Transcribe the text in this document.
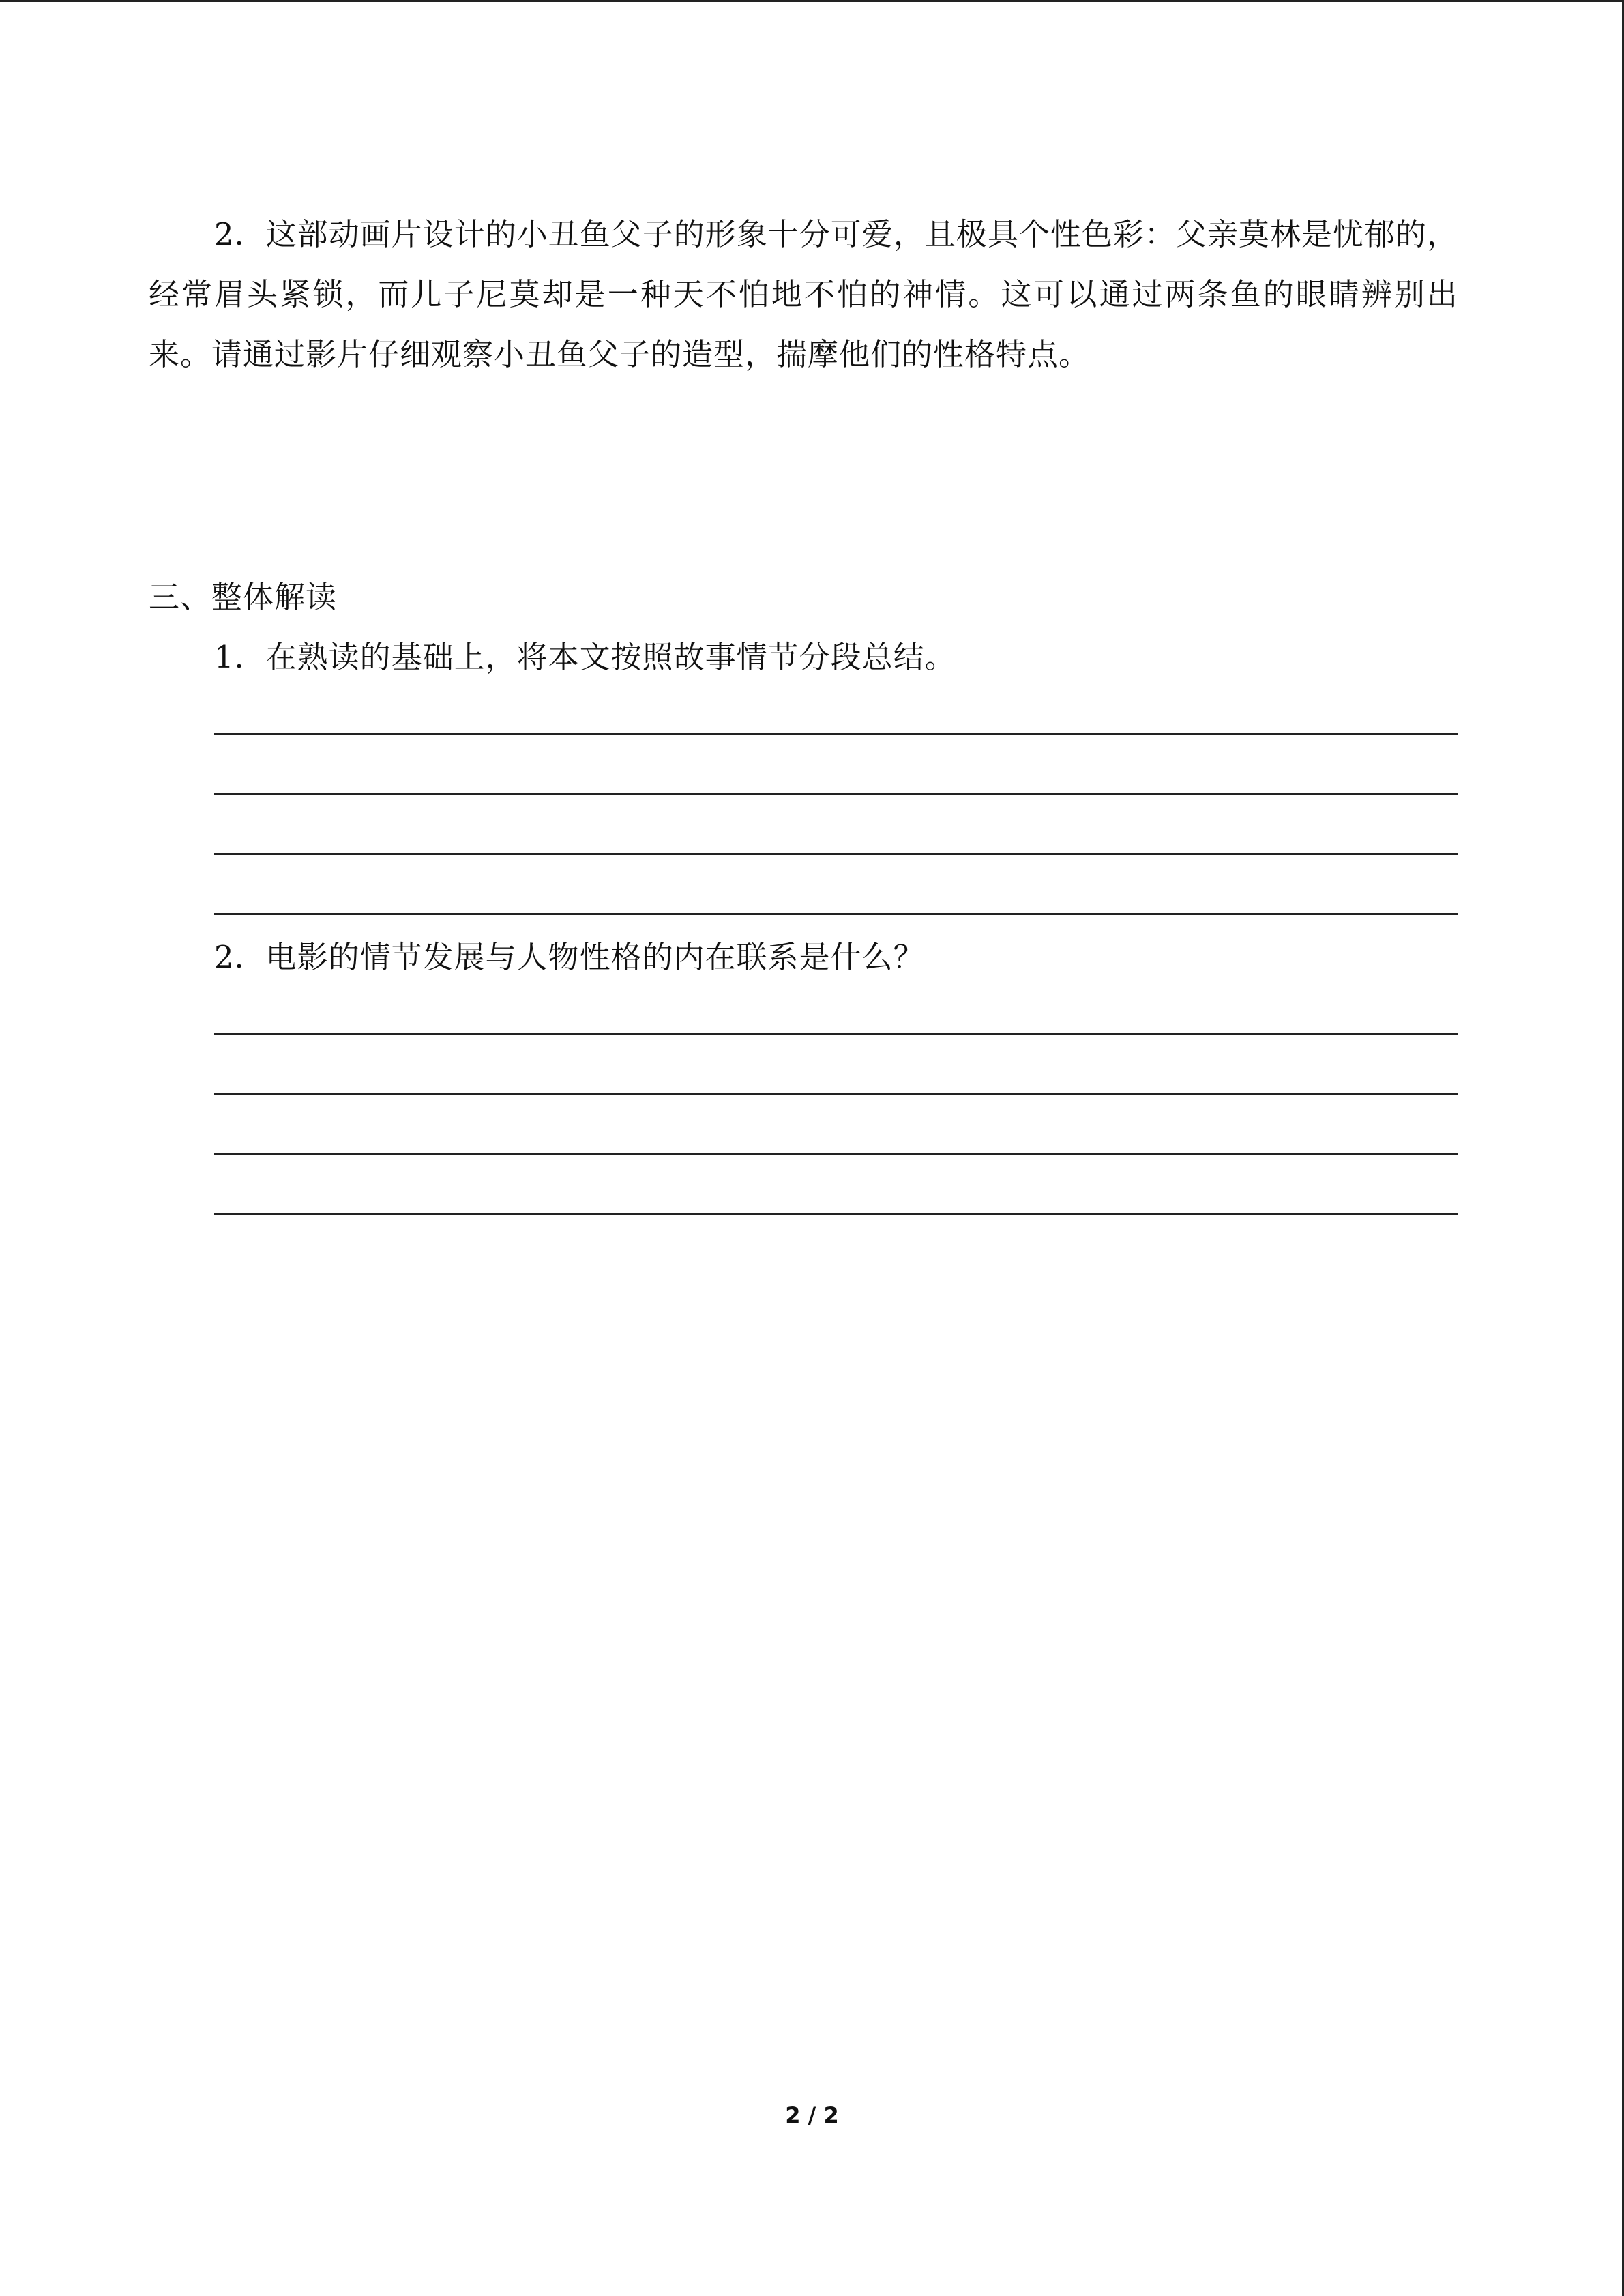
2．这部动画片设计的小丑鱼父子的形象十分可爱，且极具个性色彩：父亲莫林是忧郁的，经常眉头紧锁，而儿子尼莫却是一种天不怕地不怕的神情。这可以通过两条鱼的眼睛辨别出来。请通过影片仔细观察小丑鱼父子的造型，揣摩他们的性格特点。

三、整体解读

1．在熟读的基础上，将本文按照故事情节分段总结。

2．电影的情节发展与人物性格的内在联系是什么？

2 / 2
